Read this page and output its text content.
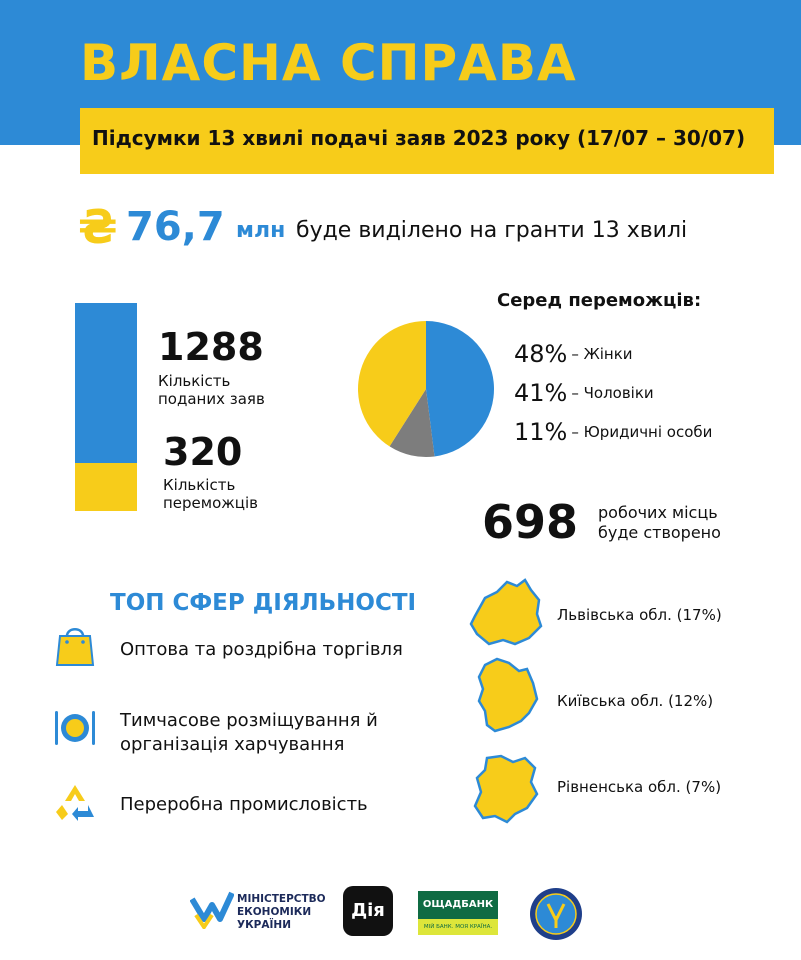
ВЛАСНА СПРАВА
Підсумки 13 хвилі подачі заяв 2023 року (17/07 – 30/07)
₴ 76,7 млн буде виділено на гранти 13 хвилі
1288
Кількість поданих заяв
320
Кількість переможців
Серед переможців:
48% – Жінки
41% – Чоловіки
11% – Юридичні особи
698 робочих місць буде створено
ТОП СФЕР ДІЯЛЬНОСТІ
Оптова та роздрібна торгівля
Тимчасове розміщування й організація харчування
Переробна промисловість
Львівська обл. (17%)
Київська обл. (12%)
Рівненська обл. (7%)
МІНІСТЕРСТВО ЕКОНОМІКИ УКРАЇНИ
Дія	ОЩАДБАНК
МІЙ БАНК. МОЯ КРАЇНА.
